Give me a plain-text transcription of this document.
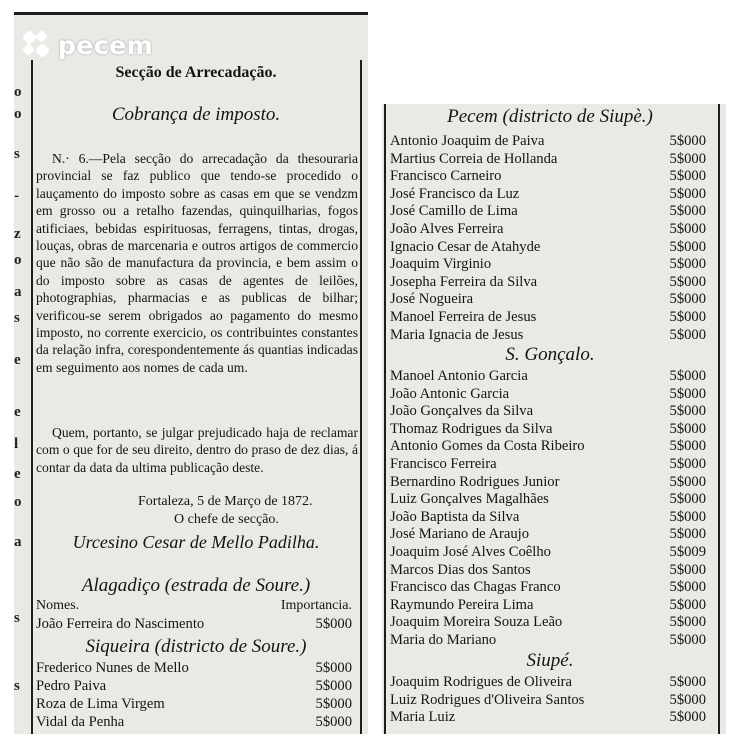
o
o
s
-
z
o
a
s
e
e
l
e
o
a
s
s
Secção de Arrecadação.
Cobrança de imposto.

N.· 6.—Pela secção do arrecadação da thesouraria provincial se faz publico que tendo-se procedido o lauçamento do imposto sobre as casas em que se vendzm em grosso ou a retalho fazendas, quinquilharias, fogos atificiaes, bebidas espirituosas, ferragens, tintas, drogas, louças, obras de marcenaria e outros artigos de commercio que não são de manufactura da provincia, e bem assim o do imposto sobre as casas de agentes de leilões, photographias, pharmacias e as publicas de bilhar; verificou-se serem obrigados ao pagamento do mesmo imposto, no corrente exercicio, os contribuintes constantes da relação infra, corespondentemente ás quantias indicadas em seguimento aos nomes de cada um.

Quem, portanto, se julgar prejudicado haja de reclamar com o que for de seu direito, dentro do praso de dez dias, á contar da data da ultima publicação deste.

Fortaleza, 5 de Março de 1872.
O chefe de secção.
Urcesino Cesar de Mello Padilha.
Alagadiço (estrada de Soure.)
Nomes.	Importancia.
João Ferreira do Nascimento	5$000
Siqueira (districto de Soure.)
Frederico Nunes de Mello	5$000
Pedro Paiva	5$000
Roza de Lima Virgem	5$000
Vidal da Penha	5$000
Pecem (districto de Siupè.)
Antonio Joaquim de Paiva	5$000
Martius Correia de Hollanda	5$000
Francisco Carneiro	5$000
José Francisco da Luz	5$000
José Camillo de Lima	5$000
João Alves Ferreira	5$000
Ignacio Cesar de Atahyde	5$000
Joaquim Virginio	5$000
Josepha Ferreira da Silva	5$000
José Nogueira	5$000
Manoel Ferreira de Jesus	5$000
Maria Ignacia de Jesus	5$000
S. Gonçalo.
Manoel Antonio Garcia	5$000
João Antonic Garcia	5$000
João Gonçalves da Silva	5$000
Thomaz Rodrigues da Silva	5$000
Antonio Gomes da Costa Ribeiro	5$000
Francisco Ferreira	5$000
Bernardino Rodrigues Junior	5$000
Luiz Gonçalves Magalhães	5$000
João Baptista da Silva	5$000
José Mariano de Araujo	5$000
Joaquim José Alves Coêlho	5$009
Marcos Dias dos Santos	5$000
Francisco das Chagas Franco	5$000
Raymundo Pereira Lima	5$000
Joaquim Moreira Souza Leão	5$000
Maria do Mariano	5$000
Siupé.
Joaquim Rodrigues de Oliveira	5$000
Luiz Rodrigues d'Oliveira Santos	5$000
Maria Luiz	5$000
pecem
